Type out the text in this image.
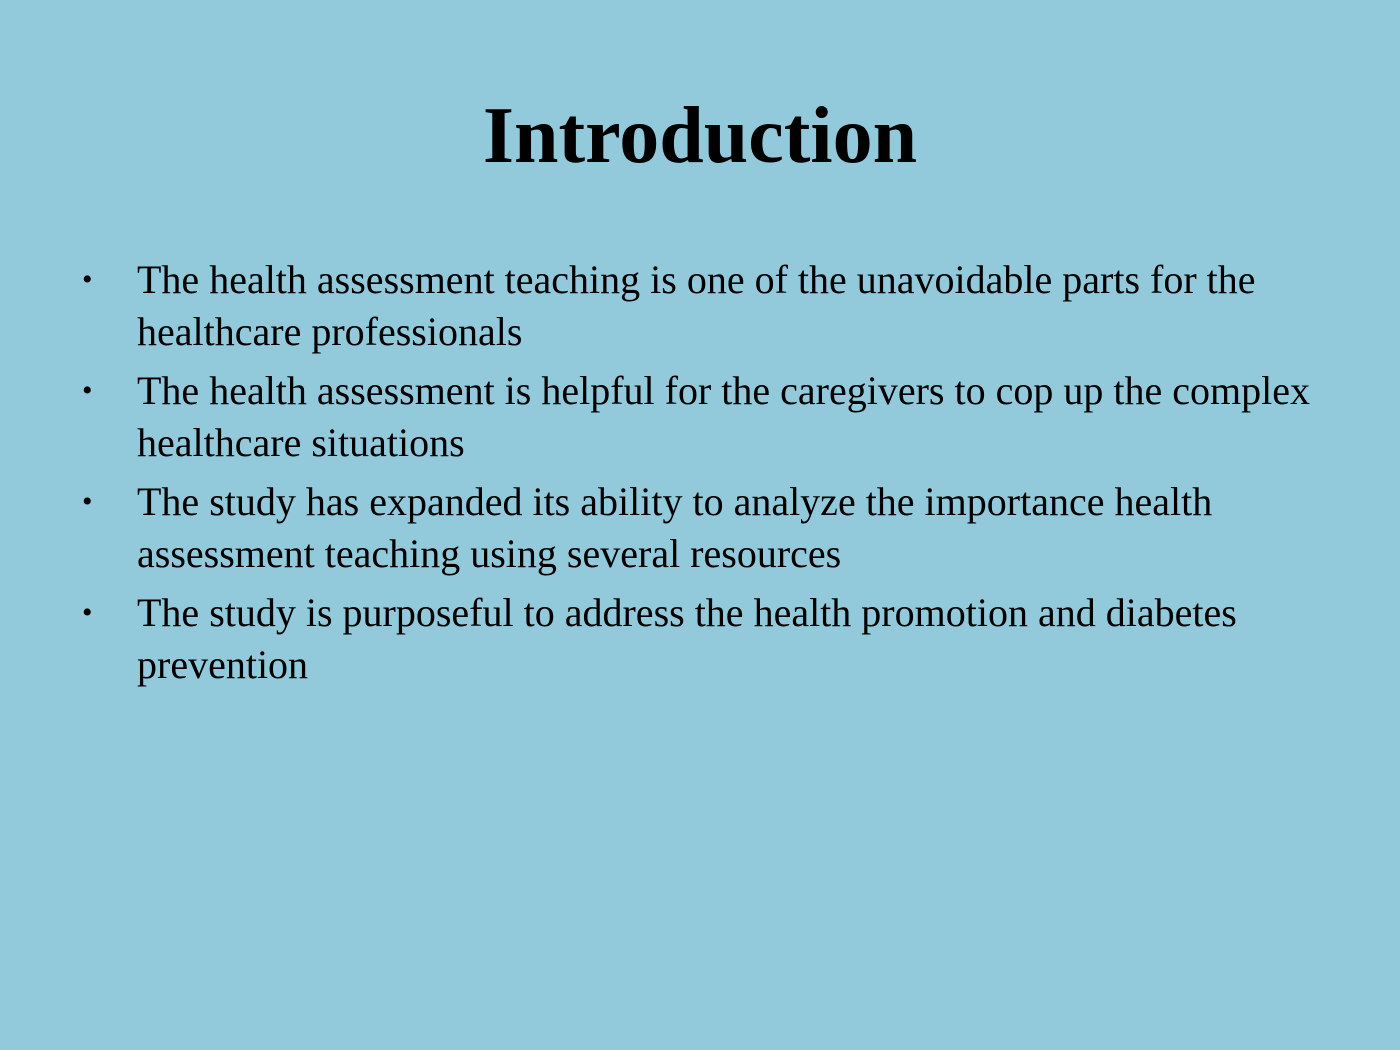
Introduction
• The health assessment teaching is one of the unavoidable parts for the healthcare professionals
• The health assessment is helpful for the caregivers to cop up the complex healthcare situations
• The study has expanded its ability to analyze the importance health assessment teaching using several resources
• The study is purposeful to address the health promotion and diabetes prevention
